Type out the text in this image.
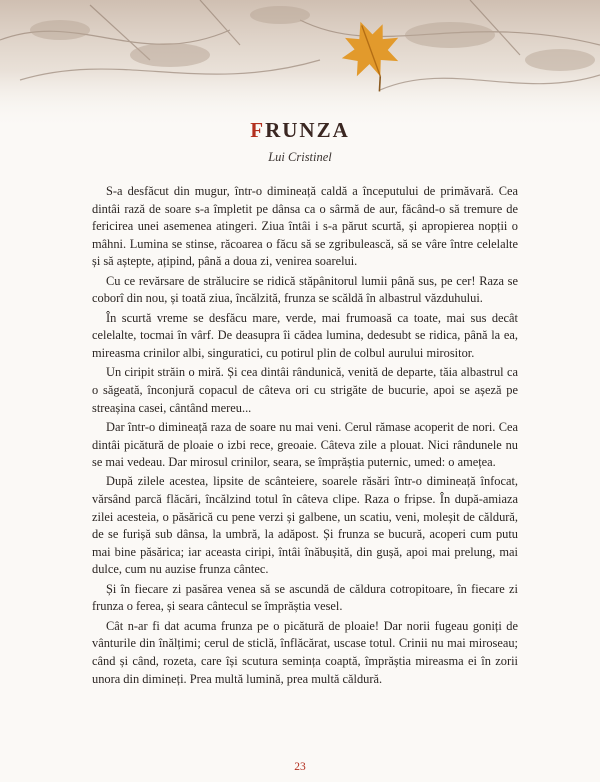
FRUNZA
Lui Cristinel

S-a desfăcut din mugur, într-o dimineață caldă a începutului de primăvară. Cea dintâi rază de soare s-a împletit pe dânsa ca o sârmă de aur, făcând-o să tremure de fericirea unei asemenea atingeri. Ziua întâi i s-a părut scurtă, și apropierea nopții o mâhni. Lumina se stinse, răcoarea o făcu să se zgribulească, să se vâre între celelalte și să aștepte, ațipind, până a doua zi, venirea soarelui.

Cu ce revărsare de strălucire se ridică stăpânitorul lumii până sus, pe cer! Raza se coborî din nou, și toată ziua, încălzită, frunza se scăldă în albastrul văzduhului.

În scurtă vreme se desfăcu mare, verde, mai frumoasă ca toate, mai sus decât celelalte, tocmai în vârf. De deasupra îi cădea lumina, dedesubt se ridica, până la ea, mireasma crinilor albi, singuratici, cu potirul plin de colbul aurului mirositor.

Un ciripit străin o miră. Și cea dintâi rândunică, venită de departe, tăia albastrul ca o săgeată, înconjură copacul de câteva ori cu strigăte de bucurie, apoi se așeză pe streașina casei, cântând mereu...

Dar într-o dimineață raza de soare nu mai veni. Cerul rămase acoperit de nori. Cea dintâi picătură de ploaie o izbi rece, greoaie. Câteva zile a plouat. Nici rândunele nu se mai vedeau. Dar mirosul crinilor, seara, se împrăștia puternic, umed: o amețea.

După zilele acestea, lipsite de scânteiere, soarele răsări într-o dimineață înfocat, vărsând parcă flăcări, încălzind totul în câteva clipe. Raza o fripse. În după-amiaza zilei acesteia, o păsărică cu pene verzi și galbene, un scatiu, veni, moleșit de căldură, de se furișă sub dânsa, la umbră, la adăpost. Și frunza se bucură, acoperi cum putu mai bine păsărica; iar aceasta ciripi, întâi înăbușită, din gușă, apoi mai prelung, mai dulce, cum nu auzise frunza cântec.

Și în fiecare zi pasărea venea să se ascundă de căldura cotropitoare, în fiecare zi frunza o ferea, și seara cântecul se împrăștia vesel.

Cât n-ar fi dat acuma frunza pe o picătură de ploaie! Dar norii fugeau goniți de vânturile din înălțimi; cerul de sticlă, înflăcărat, uscase totul. Crinii nu mai miroseau; când și când, rozeta, care își scutura semința coaptă, împrăștia mireasma ei în zorii unora din dimineți. Prea multă lumină, prea multă căldură.

23
